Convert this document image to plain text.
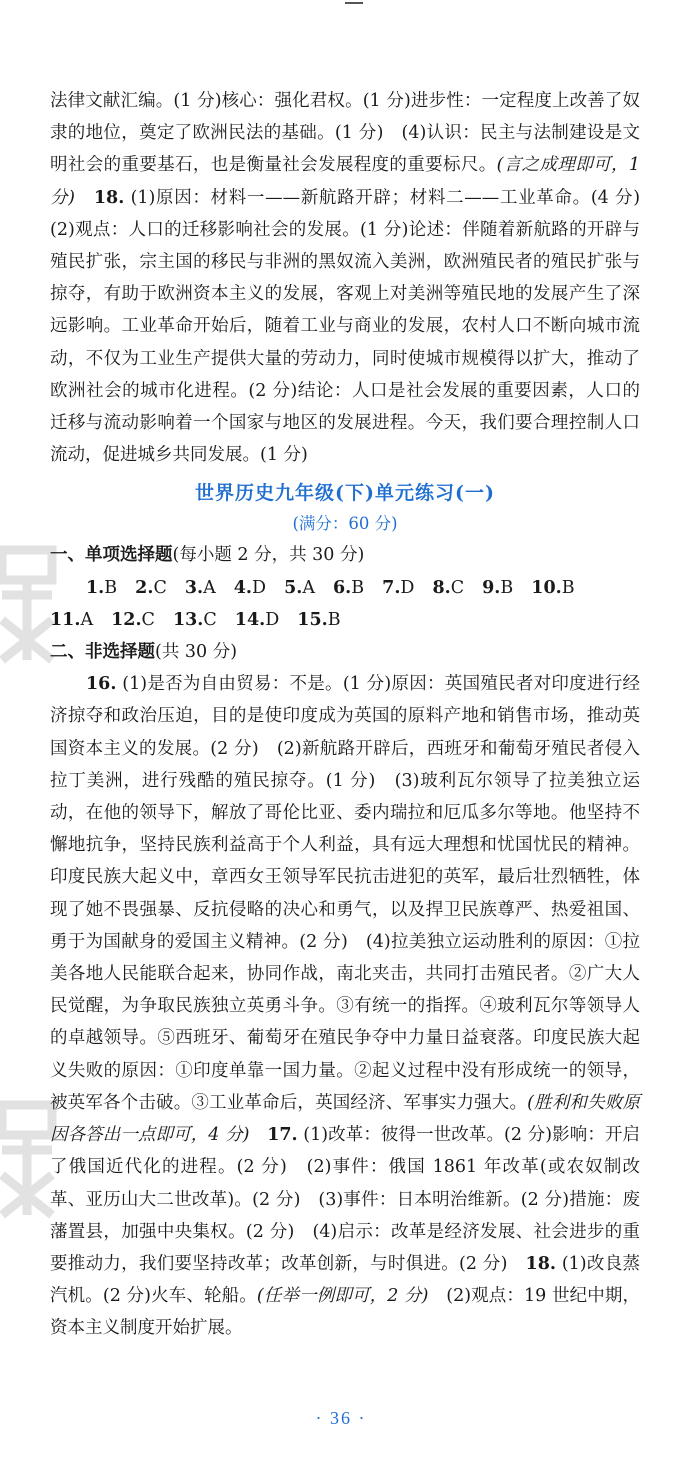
法律文献汇编。(1 分)核心：强化君权。(1 分)进步性：一定程度上改善了奴隶的地位，奠定了欧洲民法的基础。(1 分)　(4)认识：民主与法制建设是文明社会的重要基石，也是衡量社会发展程度的重要标尺。(言之成理即可，1 分)　 18. (1)原因：材料一——新航路开辟；材料二——工业革命。(4 分)　(2)观点：人口的迁移影响社会的发展。(1 分)论述：伴随着新航路的开辟与殖民扩张，宗主国的移民与非洲的黑奴流入美洲，欧洲殖民者的殖民扩张与掠夺，有助于欧洲资本主义的发展，客观上对美洲等殖民地的发展产生了深远影响。工业革命开始后，随着工业与商业的发展，农村人口不断向城市流动，不仅为工业生产提供大量的劳动力，同时使城市规模得以扩大，推动了欧洲社会的城市化进程。(2 分)结论：人口是社会发展的重要因素，人口的迁移与流动影响着一个国家与地区的发展进程。今天，我们要合理控制人口流动，促进城乡共同发展。(1 分)

世界历史九年级(下)单元练习(一)
(满分：60 分)

一、单项选择题(每小题 2 分，共 30 分)

1.B 2.C 3.A 4.D 5.A 6.B 7.D 8.C 9.B 10.B

11.A 12.C 13.C 14.D 15.B

二、非选择题(共 30 分)

16. (1)是否为自由贸易：不是。(1 分)原因：英国殖民者对印度进行经济掠夺和政治压迫，目的是使印度成为英国的原料产地和销售市场，推动英国资本主义的发展。(2 分)　(2)新航路开辟后，西班牙和葡萄牙殖民者侵入拉丁美洲，进行残酷的殖民掠夺。(1 分)　(3)玻利瓦尔领导了拉美独立运动，在他的领导下，解放了哥伦比亚、委内瑞拉和厄瓜多尔等地。他坚持不懈地抗争，坚持民族利益高于个人利益，具有远大理想和忧国忧民的精神。印度民族大起义中，章西女王领导军民抗击进犯的英军，最后壮烈牺牲，体现了她不畏强暴、反抗侵略的决心和勇气，以及捍卫民族尊严、热爱祖国、勇于为国献身的爱国主义精神。(2 分)　(4)拉美独立运动胜利的原因：①拉美各地人民能联合起来，协同作战，南北夹击，共同打击殖民者。②广大人民觉醒，为争取民族独立英勇斗争。③有统一的指挥。④玻利瓦尔等领导人的卓越领导。⑤西班牙、葡萄牙在殖民争夺中力量日益衰落。印度民族大起义失败的原因：①印度单靠一国力量。②起义过程中没有形成统一的领导，被英军各个击破。③工业革命后，英国经济、军事实力强大。(胜利和失败原因各答出一点即可，4 分)　 17. (1)改革：彼得一世改革。(2 分)影响：开启了俄国近代化的进程。(2 分)　(2)事件：俄国 1861 年改革(或农奴制改革、亚历山大二世改革)。(2 分)　(3)事件：日本明治维新。(2 分)措施：废藩置县，加强中央集权。(2 分)　(4)启示：改革是经济发展、社会进步的重要推动力，我们要坚持改革；改革创新，与时俱进。(2 分)　18. (1)改良蒸汽机。(2 分)火车、轮船。(任举一例即可，2 分)　(2)观点：19 世纪中期，资本主义制度开始扩展。

· 36 ·
